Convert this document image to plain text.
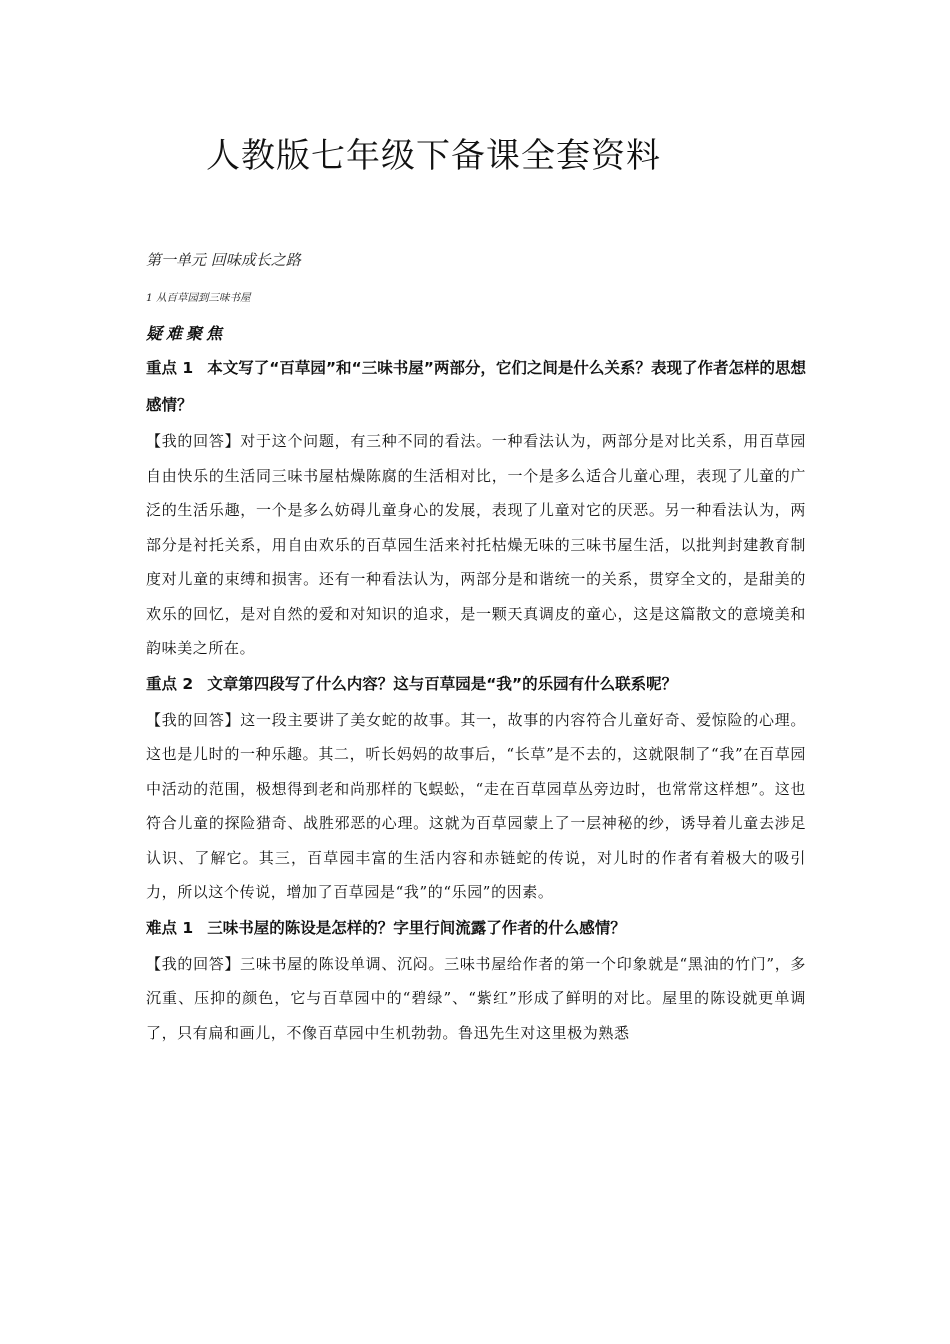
人教版七年级下备课全套资料
第一单元 回味成长之路
1 从百草园到三味书屋
疑难聚焦

重点 1 本文写了“百草园”和“三味书屋”两部分，它们之间是什么关系？表现了作者怎样的思想感情？

【我的回答】对于这个问题，有三种不同的看法。一种看法认为，两部分是对比关系，用百草园自由快乐的生活同三味书屋枯燥陈腐的生活相对比，一个是多么适合儿童心理，表现了儿童的广泛的生活乐趣，一个是多么妨碍儿童身心的发展，表现了儿童对它的厌恶。另一种看法认为，两部分是衬托关系，用自由欢乐的百草园生活来衬托枯燥无味的三味书屋生活，以批判封建教育制度对儿童的束缚和损害。还有一种看法认为，两部分是和谐统一的关系，贯穿全文的，是甜美的欢乐的回忆，是对自然的爱和对知识的追求，是一颗天真调皮的童心，这是这篇散文的意境美和韵味美之所在。

重点 2 文章第四段写了什么内容？这与百草园是“我”的乐园有什么联系呢？

【我的回答】这一段主要讲了美女蛇的故事。其一，故事的内容符合儿童好奇、爱惊险的心理。这也是儿时的一种乐趣。其二，听长妈妈的故事后，“长草”是不去的，这就限制了“我”在百草园中活动的范围，极想得到老和尚那样的飞蜈蚣，“走在百草园草丛旁边时，也常常这样想”。这也符合儿童的探险猎奇、战胜邪恶的心理。这就为百草园蒙上了一层神秘的纱，诱导着儿童去涉足认识、了解它。其三，百草园丰富的生活内容和赤链蛇的传说，对儿时的作者有着极大的吸引力，所以这个传说，增加了百草园是“我”的“乐园”的因素。

难点 1 三味书屋的陈设是怎样的？字里行间流露了作者的什么感情？

【我的回答】三味书屋的陈设单调、沉闷。三味书屋给作者的第一个印象就是“黑油的竹门”，多沉重、压抑的颜色，它与百草园中的“碧绿”、“紫红”形成了鲜明的对比。屋里的陈设就更单调了，只有扁和画儿，不像百草园中生机勃勃。鲁迅先生对这里极为熟悉
